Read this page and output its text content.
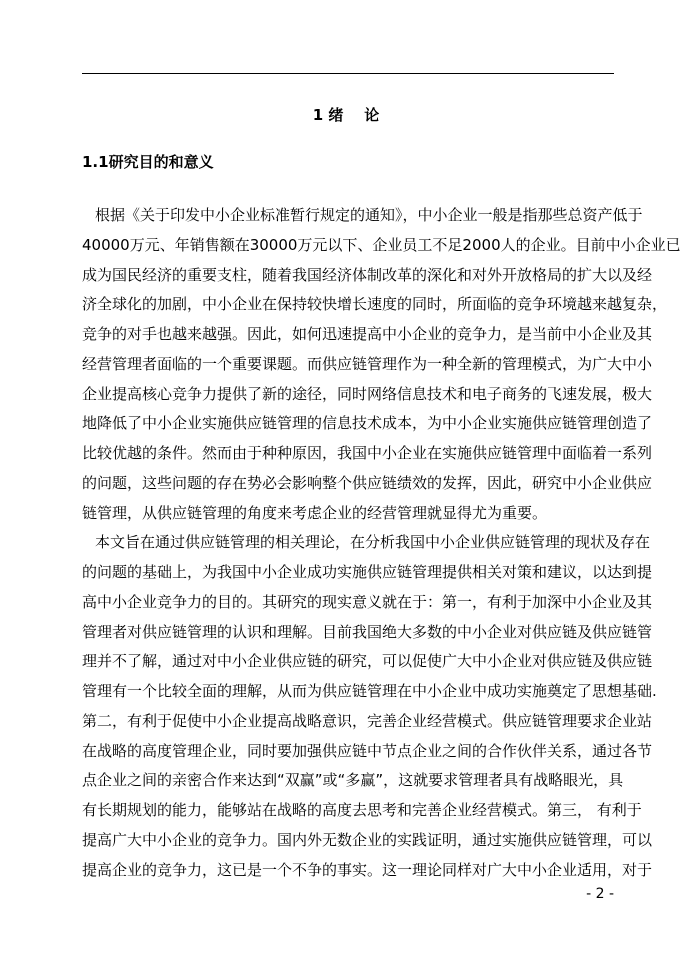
1 绪    论
1.1研究目的和意义
根据《关于印发中小企业标准暂行规定的通知》，中小企业一般是指那些总资产低于
40000万元、年销售额在30000万元以下、企业员工不足2000人的企业。目前中小企业已
成为国民经济的重要支柱，随着我国经济体制改革的深化和对外开放格局的扩大以及经
济全球化的加剧，中小企业在保持较快增长速度的同时，所面临的竞争环境越来越复杂，
竞争的对手也越来越强。因此，如何迅速提高中小企业的竞争力，是当前中小企业及其
经营管理者面临的一个重要课题。而供应链管理作为一种全新的管理模式，为广大中小
企业提高核心竞争力提供了新的途径，同时网络信息技术和电子商务的飞速发展，极大
地降低了中小企业实施供应链管理的信息技术成本，为中小企业实施供应链管理创造了
比较优越的条件。然而由于种种原因，我国中小企业在实施供应链管理中面临着一系列
的问题，这些问题的存在势必会影响整个供应链绩效的发挥，因此，研究中小企业供应
链管理，从供应链管理的角度来考虑企业的经营管理就显得尤为重要。
本文旨在通过供应链管理的相关理论，在分析我国中小企业供应链管理的现状及存在
的问题的基础上，为我国中小企业成功实施供应链管理提供相关对策和建议，以达到提
高中小企业竞争力的目的。其研究的现实意义就在于：第一，有利于加深中小企业及其
管理者对供应链管理的认识和理解。目前我国绝大多数的中小企业对供应链及供应链管
理并不了解，通过对中小企业供应链的研究，可以促使广大中小企业对供应链及供应链
管理有一个比较全面的理解，从而为供应链管理在中小企业中成功实施奠定了思想基础.
第二，有利于促使中小企业提高战略意识，完善企业经营模式。供应链管理要求企业站
在战略的高度管理企业，同时要加强供应链中节点企业之间的合作伙伴关系，通过各节
点企业之间的亲密合作来达到“双赢”或“多赢”，这就要求管理者具有战略眼光，具
有长期规划的能力，能够站在战略的高度去思考和完善企业经营模式。第三， 有利于
提高广大中小企业的竞争力。国内外无数企业的实践证明，通过实施供应链管理，可以
提高企业的竞争力，这已是一个不争的事实。这一理论同样对广大中小企业适用，对于
- 2 -
